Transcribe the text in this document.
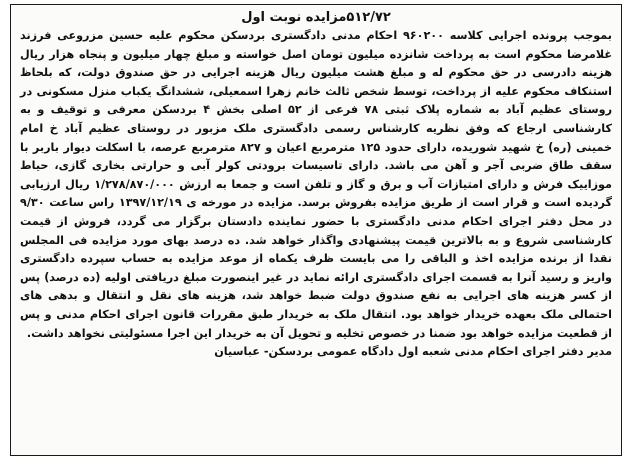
۵۱۲/۷۲مزایده نوبت اول

بموجب پرونده اجرایی کلاسه ۹۶۰۲۰۰ احکام مدنی دادگستری بردسکن محکوم علیه حسین مزروعی فرزند غلامرضا محکوم است به پرداخت شانزده میلیون تومان اصل خواسته و مبلغ چهار میلیون و پنجاه هزار ریال هزینه دادرسی در حق محکوم له و مبلغ هشت میلیون ریال هزینه اجرایی در حق صندوق دولت، که بلحاظ استنکاف محکوم علیه از پرداخت، توسط شخص ثالث خانم زهرا اسمعیلی، ششدانگ یکباب منزل مسکونی در روستای عظیم آباد به شماره پلاک ثبتی ۷۸ فرعی از ۵۲ اصلی بخش ۴ بردسکن معرفی و توقیف و به کارشناسی ارجاع که وفق نظریه کارشناس رسمی دادگستری ملک مزبور در روستای عظیم آباد خ امام خمینی (ره) خ شهید شوریده، دارای حدود ۱۲۵ مترمربع اعیان و ۸۲۷ مترمربع عرصه، با اسکلت دیوار باربر با سقف طاق ضربی آجر و آهن می باشد. دارای تاسیسات برودتی کولر آبی و حرارتی بخاری گازی، حیاط موزاییک فرش و دارای امتیازات آب و برق و گاز و تلفن است و جمعا به ارزش ۱/۲۷۸/۸۷۰/۰۰۰ ریال ارزیابی گردیده است و قرار است از طریق مزایده بفروش برسد. مزایده در مورخه ی ۱۳۹۷/۱۲/۱۹ راس ساعت ۹/۳۰ در محل دفتر اجرای احکام مدنی دادگستری با حضور نماینده دادستان برگزار می گردد، فروش از قیمت کارشناسی شروع و به بالاترین قیمت پیشنهادی واگذار خواهد شد. ده درصد بهای مورد مزایده فی المجلس نقدا از برنده مزایده اخذ و الباقی را می بایست ظرف یکماه از موعد مزایده به حساب سپرده دادگستری واریز و رسید آنرا به قسمت اجرای دادگستری ارائه نماید در غیر اینصورت مبلغ دریافتی اولیه (ده درصد) پس از کسر هزینه های اجرایی به نفع صندوق دولت ضبط خواهد شد، هزینه های نقل و انتقال و بدهی های احتمالی ملک بعهده خریدار خواهد بود. انتقال ملک به خریدار طبق مقررات قانون اجرای احکام مدنی و پس از قطعیت مزایده خواهد بود ضمنا در خصوص تخلیه و تحویل آن به خریدار این اجرا مسئولیتی نخواهد داشت.

مدیر دفتر اجرای احکام مدنی شعبه اول دادگاه عمومی بردسکن- عباسیان
